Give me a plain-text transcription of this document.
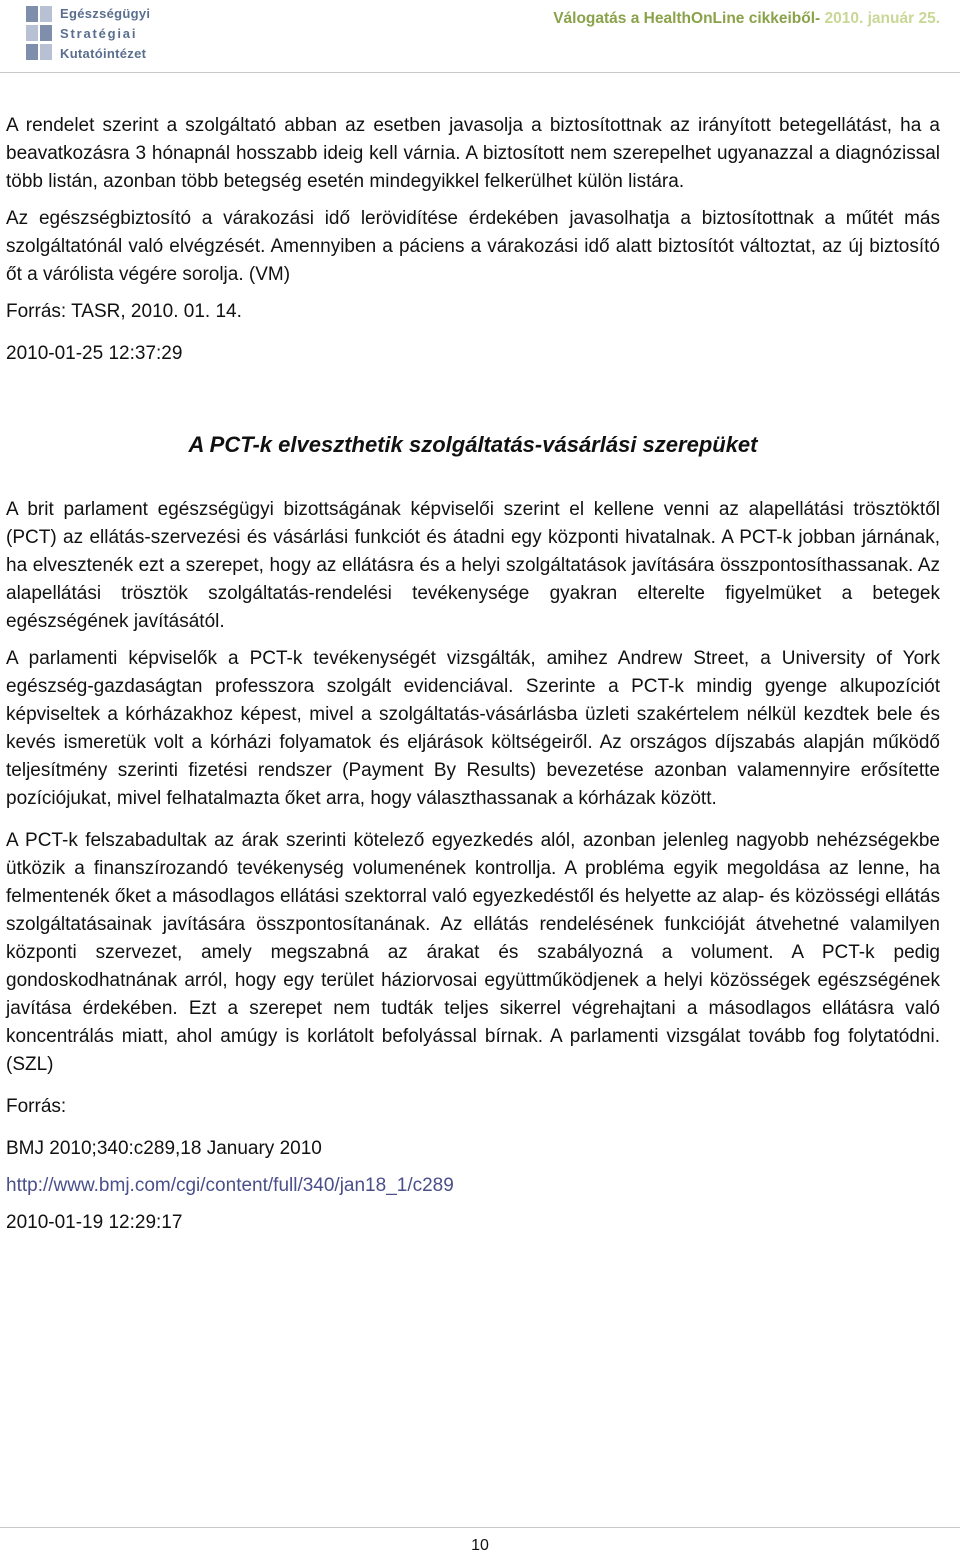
Egészségügyi
Stratégiai
Kutatóintézet
Válogatás a HealthOnLine cikkeiből- 2010. január 25.

A rendelet szerint a szolgáltató abban az esetben javasolja a biztosítottnak az irányított betegellátást, ha a beavatkozásra 3 hónapnál hosszabb ideig kell várnia. A biztosított nem szerepelhet ugyanazzal a diagnózissal több listán, azonban több betegség esetén mindegyikkel felkerülhet külön listára.

Az egészségbiztosító a várakozási idő lerövidítése érdekében javasolhatja a biztosítottnak a műtét más szolgáltatónál való elvégzését. Amennyiben a páciens a várakozási idő alatt biztosítót változtat, az új biztosító őt a várólista végére sorolja. (VM)

Forrás: TASR, 2010. 01. 14.

2010-01-25 12:37:29

A PCT-k elveszthetik szolgáltatás-vásárlási szerepüket

A brit parlament egészségügyi bizottságának képviselői szerint el kellene venni az alapellátási trösztöktől (PCT) az ellátás-szervezési és vásárlási funkciót és átadni egy központi hivatalnak. A PCT-k jobban járnának, ha elvesztenék ezt a szerepet, hogy az ellátásra és a helyi szolgáltatások javítására összpontosíthassanak. Az alapellátási trösztök szolgáltatás-rendelési tevékenysége gyakran elterelte figyelmüket a betegek egészségének javításától.

A parlamenti képviselők a PCT-k tevékenységét vizsgálták, amihez Andrew Street, a University of York egészség-gazdaságtan professzora szolgált evidenciával. Szerinte a PCT-k mindig gyenge alkupozíciót képviseltek a kórházakhoz képest, mivel a szolgáltatás-vásárlásba üzleti szakértelem nélkül kezdtek bele és kevés ismeretük volt a kórházi folyamatok és eljárások költségeiről. Az országos díjszabás alapján működő teljesítmény szerinti fizetési rendszer (Payment By Results) bevezetése azonban valamennyire erősítette pozíciójukat, mivel felhatalmazta őket arra, hogy választhassanak a kórházak között.

A PCT-k felszabadultak az árak szerinti kötelező egyezkedés alól, azonban jelenleg nagyobb nehézségekbe ütközik a finanszírozandó tevékenység volumenének kontrollja. A probléma egyik megoldása az lenne, ha felmentenék őket a másodlagos ellátási szektorral való egyezkedéstől és helyette az alap- és közösségi ellátás szolgáltatásainak javítására összpontosítanának. Az ellátás rendelésének funkcióját átvehetné valamilyen központi szervezet, amely megszabná az árakat és szabályozná a volument. A PCT-k pedig gondoskodhatnának arról, hogy egy terület háziorvosai együttműködjenek a helyi közösségek egészségének javítása érdekében. Ezt a szerepet nem tudták teljes sikerrel végrehajtani a másodlagos ellátásra való koncentrálás miatt, ahol amúgy is korlátolt befolyással bírnak. A parlamenti vizsgálat tovább fog folytatódni. (SZL)

Forrás:

BMJ 2010;340:c289,18 January 2010

http://www.bmj.com/cgi/content/full/340/jan18_1/c289

2010-01-19 12:29:17

10
